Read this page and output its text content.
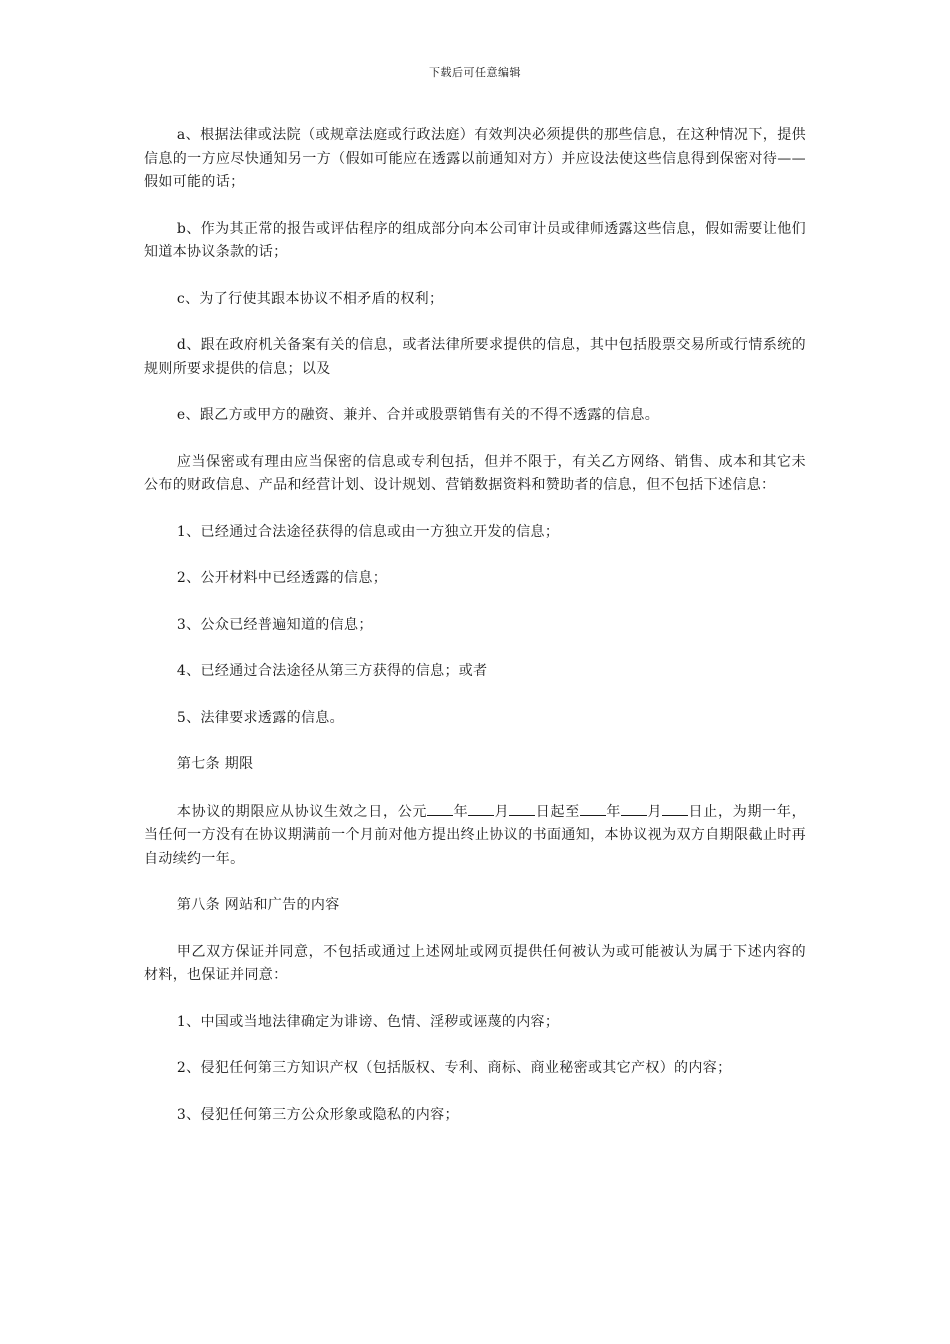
下载后可任意编辑

a、根据法律或法院（或规章法庭或行政法庭）有效判决必须提供的那些信息，在这种情况下，提供信息的一方应尽快通知另一方（假如可能应在透露以前通知对方）并应设法使这些信息得到保密对待——假如可能的话；

b、作为其正常的报告或评估程序的组成部分向本公司审计员或律师透露这些信息，假如需要让他们知道本协议条款的话；

c、为了行使其跟本协议不相矛盾的权利；

d、跟在政府机关备案有关的信息，或者法律所要求提供的信息，其中包括股票交易所或行情系统的规则所要求提供的信息；以及

e、跟乙方或甲方的融资、兼并、合并或股票销售有关的不得不透露的信息。

应当保密或有理由应当保密的信息或专利包括，但并不限于，有关乙方网络、销售、成本和其它未公布的财政信息、产品和经营计划、设计规划、营销数据资料和赞助者的信息，但不包括下述信息：

1、已经通过合法途径获得的信息或由一方独立开发的信息；

2、公开材料中已经透露的信息；

3、公众已经普遍知道的信息；

4、已经通过合法途径从第三方获得的信息；或者

5、法律要求透露的信息。

第七条 期限

本协议的期限应从协议生效之日，公元 年 月 日起至 年 月 日止，为期一年，当任何一方没有在协议期满前一个月前对他方提出终止协议的书面通知，本协议视为双方自期限截止时再自动续约一年。

第八条 网站和广告的内容

甲乙双方保证并同意，不包括或通过上述网址或网页提供任何被认为或可能被认为属于下述内容的材料，也保证并同意：

1、中国或当地法律确定为诽谤、色情、淫秽或诬蔑的内容；

2、侵犯任何第三方知识产权（包括版权、专利、商标、商业秘密或其它产权）的内容；

3、侵犯任何第三方公众形象或隐私的内容；
